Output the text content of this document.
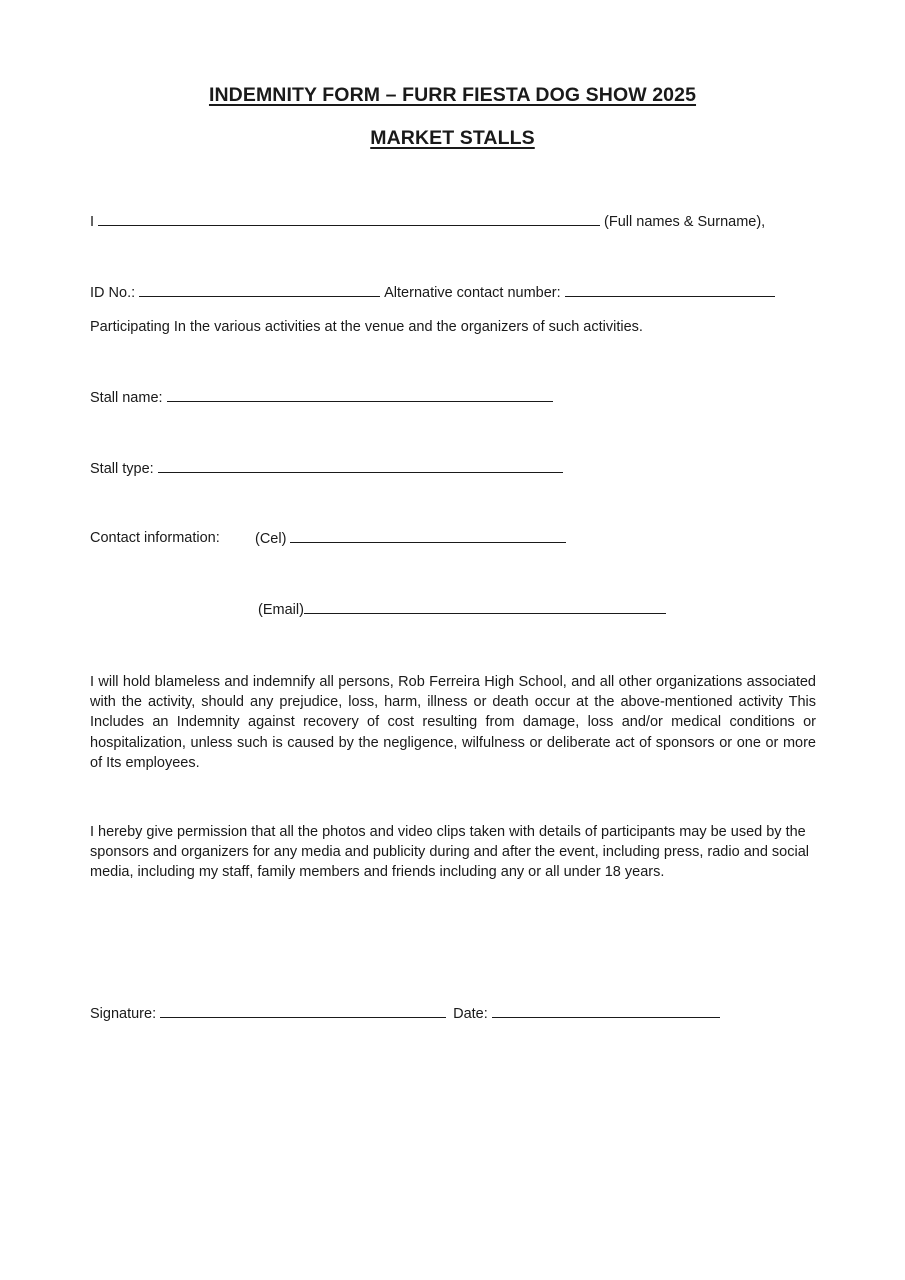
INDEMNITY FORM – FURR FIESTA DOG SHOW 2025
MARKET STALLS
I	(Full names & Surname),
ID No.:	Alternative contact number:
Participating In the various activities at the venue and the organizers of such activities.
Stall name:
Stall type:
Contact information: (Cel)
(Email)
I will hold blameless and indemnify all persons, Rob Ferreira High School, and all other organizations associated with the activity, should any prejudice, loss, harm, illness or death occur at the above-mentioned activity This Includes an Indemnity against recovery of cost resulting from damage, loss and/or medical conditions or hospitalization, unless such is caused by the negligence, wilfulness or deliberate act of sponsors or one or more of Its employees.
I hereby give permission that all the photos and video clips taken with details of participants may be used by the sponsors and organizers for any media and publicity during and after the event, including press, radio and social media, including my staff, family members and friends including any or all under 18 years.
Signature:	Date:
